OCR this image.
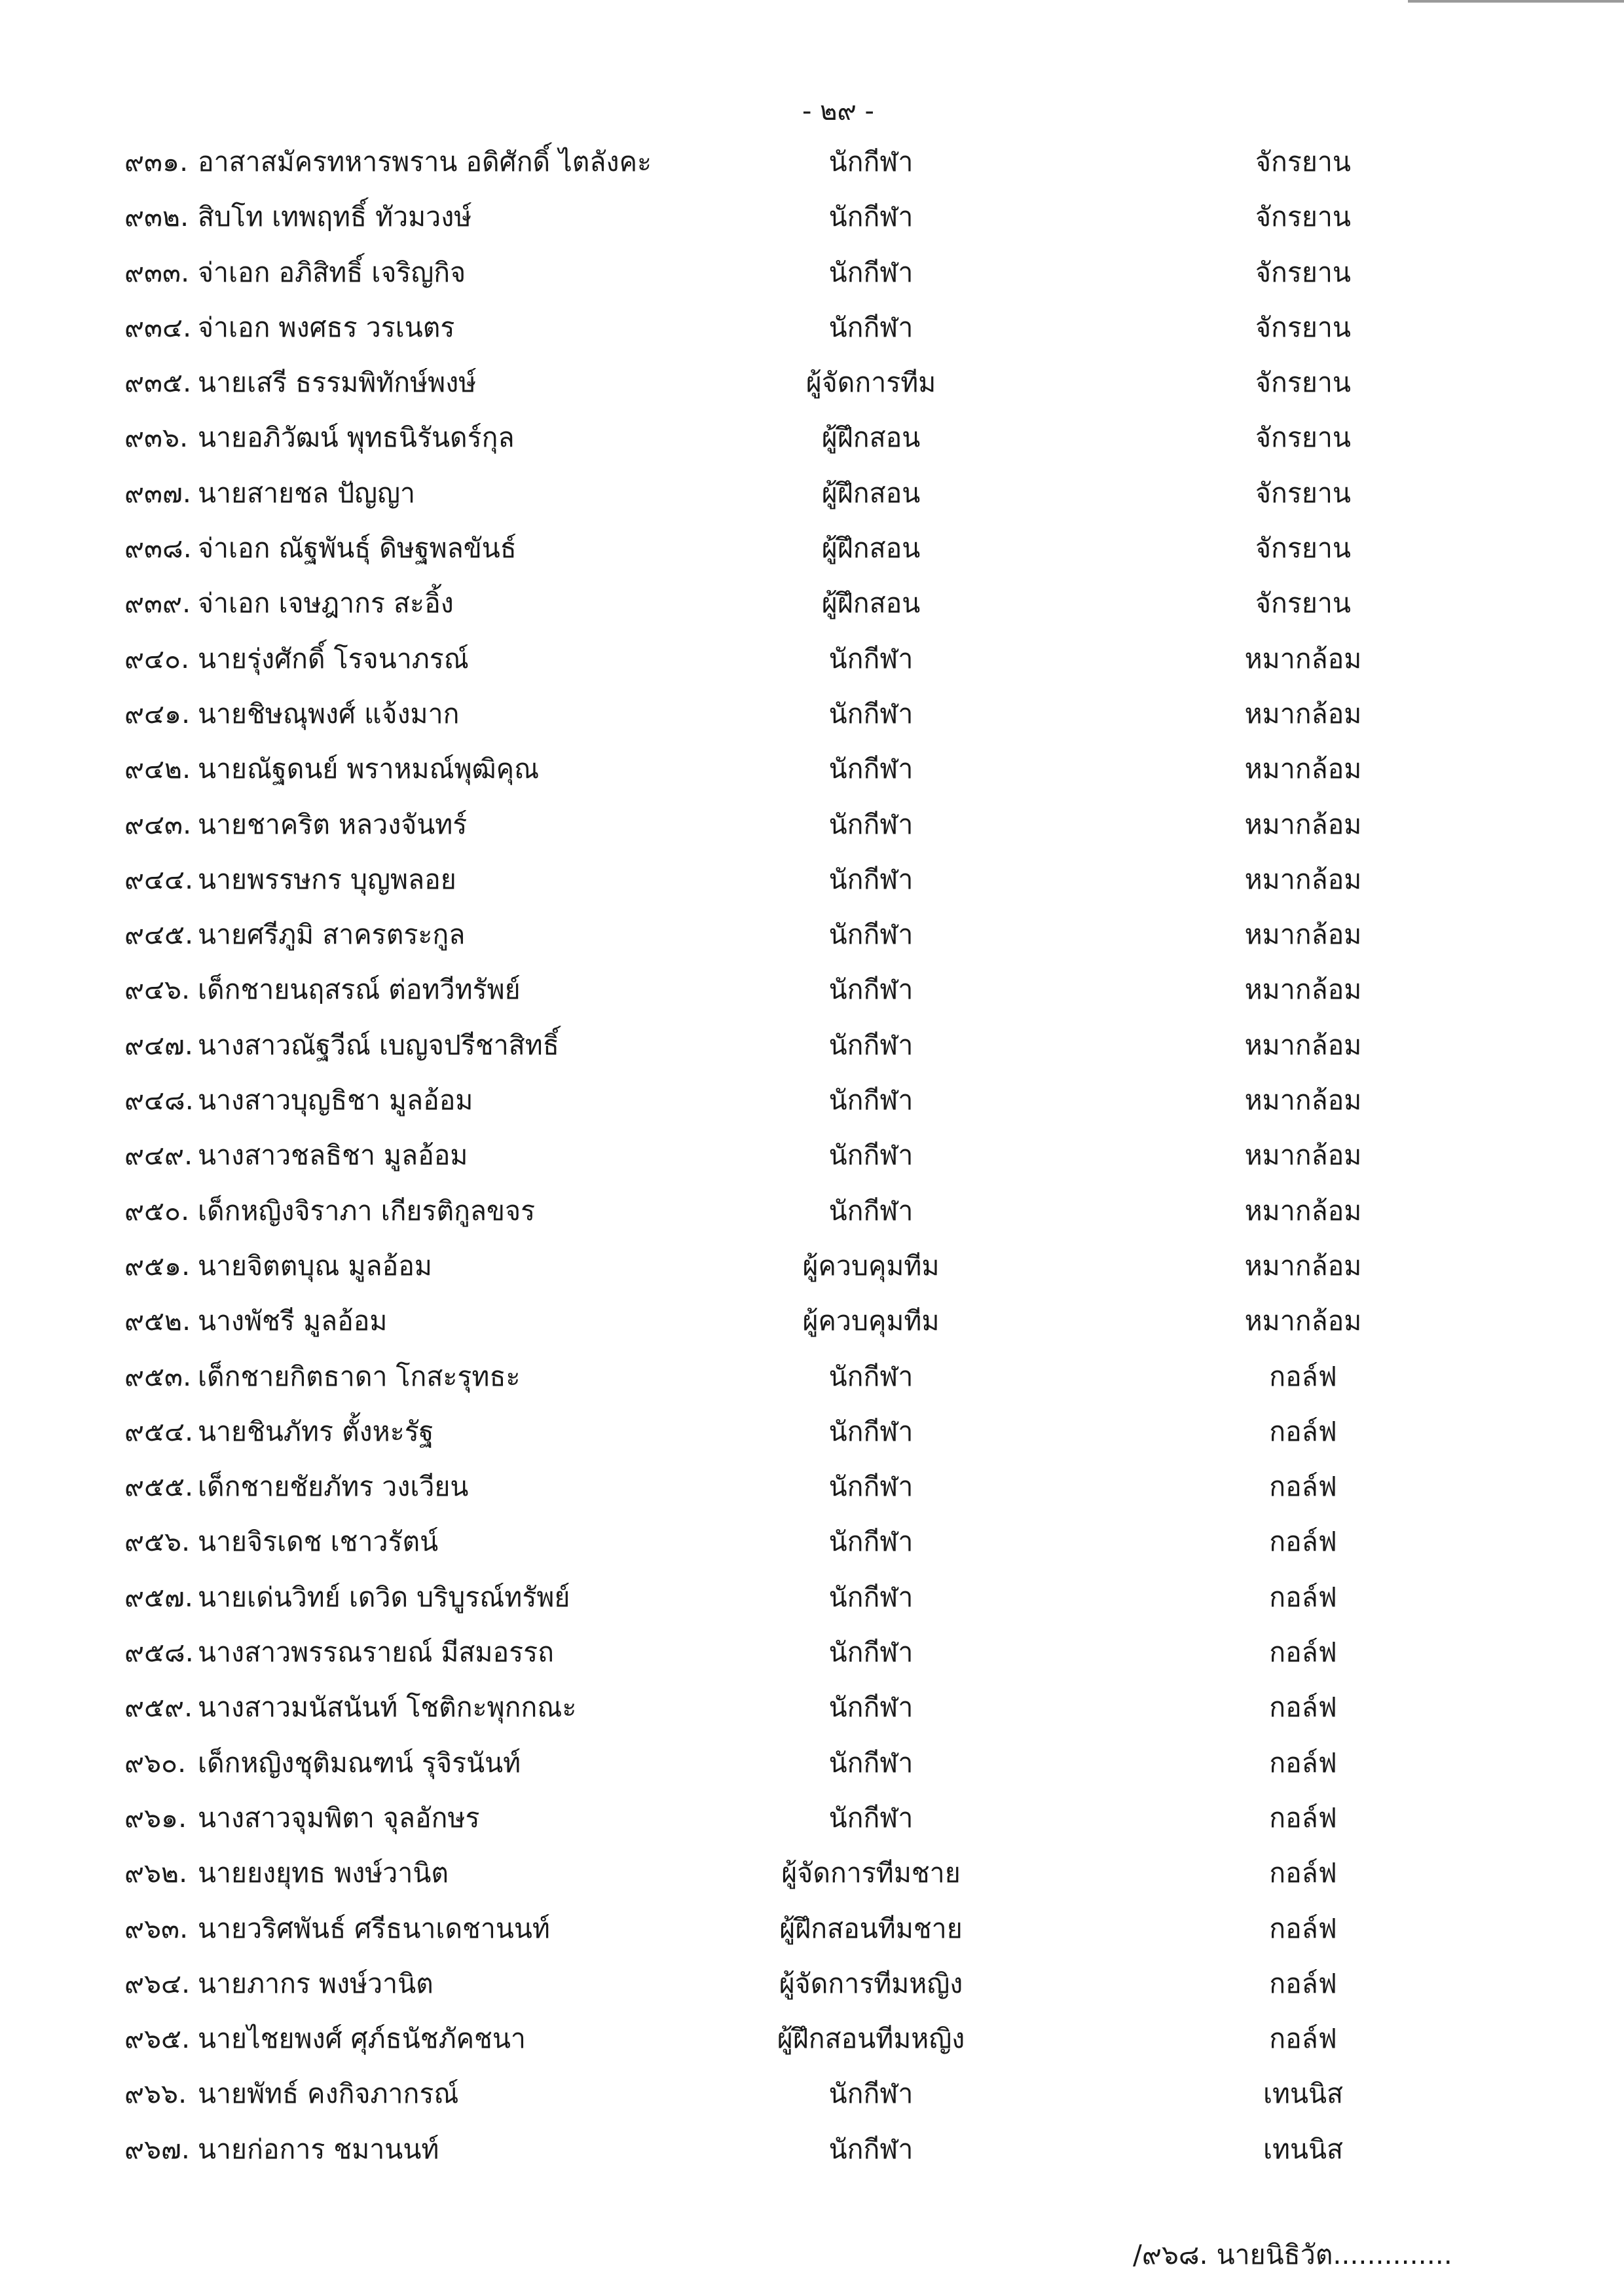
- ๒๙ -
๙๓๑. อาสาสมัครทหารพราน อดิศักดิ์ ไตลังคะ	นักกีฬา	จักรยาน
๙๓๒. สิบโท เทพฤทธิ์ ทัวมวงษ์	นักกีฬา	จักรยาน
๙๓๓. จ่าเอก อภิสิทธิ์ เจริญกิจ	นักกีฬา	จักรยาน
๙๓๔. จ่าเอก พงศธร วรเนตร	นักกีฬา	จักรยาน
๙๓๕. นายเสรี ธรรมพิทักษ์พงษ์	ผู้จัดการทีม	จักรยาน
๙๓๖. นายอภิวัฒน์ พุทธนิรันดร์กุล	ผู้ฝึกสอน	จักรยาน
๙๓๗. นายสายชล ปัญญา	ผู้ฝึกสอน	จักรยาน
๙๓๘. จ่าเอก ณัฐพันธุ์ ดิษฐพลขันธ์	ผู้ฝึกสอน	จักรยาน
๙๓๙. จ่าเอก เจษฎากร สะอิ้ง	ผู้ฝึกสอน	จักรยาน
๙๔๐. นายรุ่งศักดิ์ โรจนาภรณ์	นักกีฬา	หมากล้อม
๙๔๑. นายชิษณุพงศ์ แจ้งมาก	นักกีฬา	หมากล้อม
๙๔๒. นายณัฐดนย์ พราหมณ์พุฒิคุณ	นักกีฬา	หมากล้อม
๙๔๓. นายชาคริต หลวงจันทร์	นักกีฬา	หมากล้อม
๙๔๔. นายพรรษกร บุญพลอย	นักกีฬา	หมากล้อม
๙๔๕. นายศรีภูมิ สาครตระกูล	นักกีฬา	หมากล้อม
๙๔๖. เด็กชายนฤสรณ์ ต่อทวีทรัพย์	นักกีฬา	หมากล้อม
๙๔๗. นางสาวณัฐวีณ์ เบญจปรีชาสิทธิ์	นักกีฬา	หมากล้อม
๙๔๘. นางสาวบุญธิชา มูลอ้อม	นักกีฬา	หมากล้อม
๙๔๙. นางสาวชลธิชา มูลอ้อม	นักกีฬา	หมากล้อม
๙๕๐. เด็กหญิงจิราภา เกียรติกูลขจร	นักกีฬา	หมากล้อม
๙๕๑. นายจิตตบุณ มูลอ้อม	ผู้ควบคุมทีม	หมากล้อม
๙๕๒. นางพัชรี มูลอ้อม	ผู้ควบคุมทีม	หมากล้อม
๙๕๓. เด็กชายกิตธาดา โกสะรุทธะ	นักกีฬา	กอล์ฟ
๙๕๔. นายชินภัทร ตั้งหะรัฐ	นักกีฬา	กอล์ฟ
๙๕๕. เด็กชายชัยภัทร วงเวียน	นักกีฬา	กอล์ฟ
๙๕๖. นายจิรเดช เชาวรัตน์	นักกีฬา	กอล์ฟ
๙๕๗. นายเด่นวิทย์ เดวิด บริบูรณ์ทรัพย์	นักกีฬา	กอล์ฟ
๙๕๘. นางสาวพรรณรายณ์ มีสมอรรถ	นักกีฬา	กอล์ฟ
๙๕๙. นางสาวมนัสนันท์ โชติกะพุกกณะ	นักกีฬา	กอล์ฟ
๙๖๐. เด็กหญิงชุติมณฑน์ รุจิรนันท์	นักกีฬา	กอล์ฟ
๙๖๑. นางสาวจุมพิตา จุลอักษร	นักกีฬา	กอล์ฟ
๙๖๒. นายยงยุทธ พงษ์วานิต	ผู้จัดการทีมชาย	กอล์ฟ
๙๖๓. นายวริศพันธ์ ศรีธนาเดชานนท์	ผู้ฝึกสอนทีมชาย	กอล์ฟ
๙๖๔. นายภากร พงษ์วานิต	ผู้จัดการทีมหญิง	กอล์ฟ
๙๖๕. นายไชยพงศ์ ศุภ์ธนัชภัคชนา	ผู้ฝึกสอนทีมหญิง	กอล์ฟ
๙๖๖. นายพัทธ์ คงกิจภากรณ์	นักกีฬา	เทนนิส
๙๖๗. นายก่อการ ชมานนท์	นักกีฬา	เทนนิส
/๙๖๘. นายนิธิวัต..............
